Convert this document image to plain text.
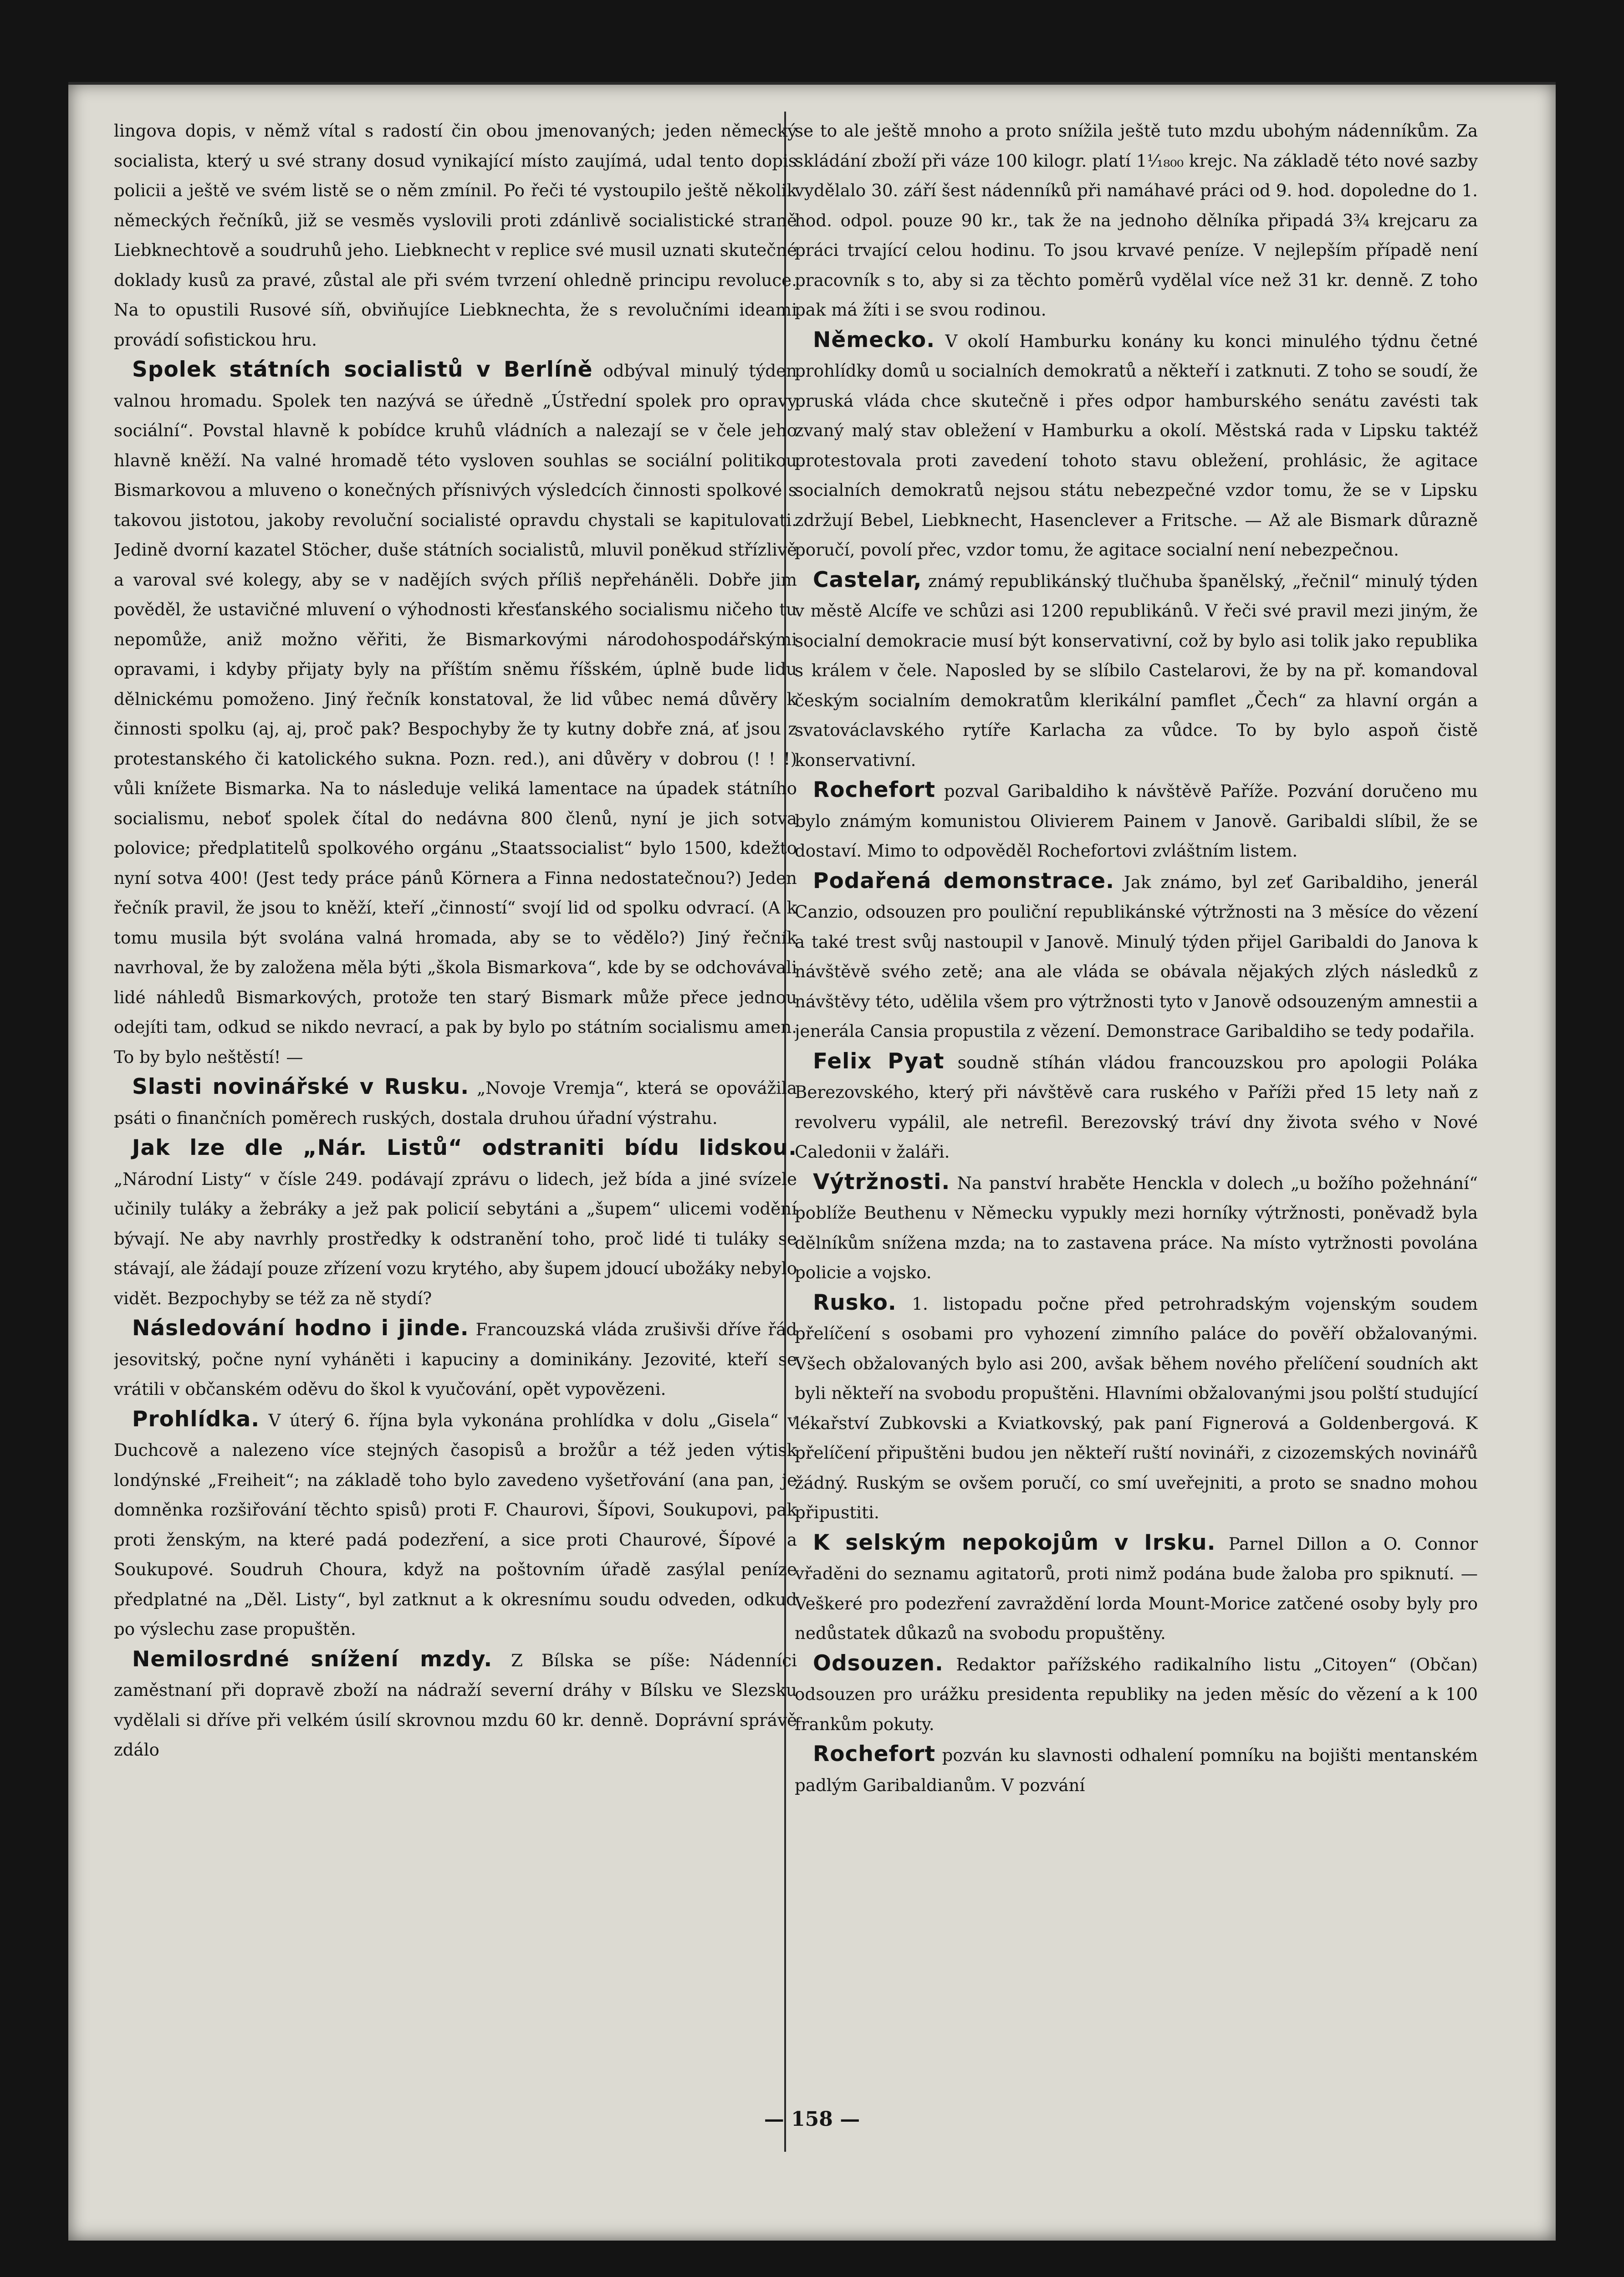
lingova dopis, v němž vítal s radostí čin obou jmenovaných; jeden německý socialista, který u své strany dosud vynikající místo zaujímá, udal tento dopis policii a ještě ve svém listě se o něm zmínil. Po řeči té vystoupilo ještě několik německých řečníků, již se vesměs vyslovili proti zdánlivě socialistické straně Liebknechtově a soudruhů jeho. Liebknecht v replice své musil uznati skutečné doklady kusů za pravé, zůstal ale při svém tvrzení ohledně principu revoluce. Na to opustili Rusové síň, obviňujíce Liebknechta, že s revolučními ideami provádí sofistickou hru.

Spolek státních socialistů v Berlíně odbýval minulý týden valnou hromadu. Spolek ten nazývá se úředně „Ústřední spolek pro opravy sociální“. Povstal hlavně k pobídce kruhů vládních a nalezají se v čele jeho hlavně kněží. Na valné hromadě této vysloven souhlas se sociální politikou Bismarkovou a mluveno o konečných přísnivých výsledcích činnosti spolkové s takovou jistotou, jakoby revoluční socialisté opravdu chystali se kapitulovati. Jedině dvorní kazatel Stöcher, duše státních socialistů, mluvil poněkud střízlivě a varoval své kolegy, aby se v nadějích svých příliš nepřeháněli. Dobře jim pověděl, že ustavičné mluvení o výhodnosti křesťanského socialismu ničeho tu nepomůže, aniž možno věřiti, že Bismarkovými národohospodářskými opravami, i kdyby přijaty byly na příštím sněmu říšském, úplně bude lidu dělnickému pomoženo. Jiný řečník konstatoval, že lid vůbec nemá důvěry k činnosti spolku (aj, aj, proč pak? Bespochyby že ty kutny dobře zná, ať jsou z protestanského či katolického sukna. Pozn. red.), ani důvěry v dobrou (! ! !) vůli knížete Bismarka. Na to následuje veliká lamentace na úpadek státního socialismu, neboť spolek čítal do nedávna 800 členů, nyní je jich sotva polovice; předplatitelů spolkového orgánu „Staatssocialist“ bylo 1500, kdežto nyní sotva 400! (Jest tedy práce pánů Körnera a Finna nedostatečnou?) Jeden řečník pravil, že jsou to kněží, kteří „činností“ svojí lid od spolku odvrací. (A k tomu musila být svolána valná hromada, aby se to vědělo?) Jiný řečník navrhoval, že by založena měla býti „škola Bismarkova“, kde by se odchovávali lidé náhledů Bismarkových, protože ten starý Bismark může přece jednou odejíti tam, odkud se nikdo nevrací, a pak by bylo po státním socialismu amen. To by bylo neštěstí! —

Slasti novinářské v Rusku. „Novoje Vremja“, která se opovážila psáti o finančních poměrech ruských, dostala druhou úřadní výstrahu.

Jak lze dle „Nár. Listů“ odstraniti bídu lidskou. „Národní Listy“ v čísle 249. podávají zprávu o lidech, jež bída a jiné svízele učinily tuláky a žebráky a jež pak policií sebytáni a „šupem“ ulicemi vodění bývají. Ne aby navrhly prostředky k odstranění toho, proč lidé ti tuláky se stávají, ale žádají pouze zřízení vozu krytého, aby šupem jdoucí ubožáky nebylo vidět. Bezpochyby se též za ně stydí?

Následování hodno i jinde. Francouzská vláda zrušivši dříve řád jesovitský, počne nyní vyháněti i kapuciny a dominikány. Jezovité, kteří se vrátili v občanském oděvu do škol k vyučování, opět vypovězeni.

Prohlídka. V úterý 6. října byla vykonána prohlídka v dolu „Gisela“ v Duchcově a nalezeno více stejných časopisů a brožůr a též jeden výtisk londýnské „Freiheit“; na základě toho bylo zavedeno vyšetřování (ana pan, je domněnka rozšiřování těchto spisů) proti F. Chaurovi, Šípovi, Soukupovi, pak proti ženským, na které padá podezření, a sice proti Chaurové, Šípové a Soukupové. Soudruh Choura, když na poštovním úřadě zasýlal peníze předplatné na „Děl. Listy“, byl zatknut a k okresnímu soudu odveden, odkud po výslechu zase propuštěn.

Nemilosrdné snížení mzdy. Z Bílska se píše: Nádenníci zaměstnaní při dopravě zboží na nádraží severní dráhy v Bílsku ve Slezsku vydělali si dříve při velkém úsilí skrovnou mzdu 60 kr. denně. Doprávní správě zdálo

se to ale ještě mnoho a proto snížila ještě tuto mzdu ubohým nádenníkům. Za skládání zboží při váze 100 kilogr. platí 1⅟₁₈₀₀ krejc. Na základě této nové sazby vydělalo 30. září šest nádenníků při namáhavé práci od 9. hod. dopoledne do 1. hod. odpol. pouze 90 kr., tak že na jednoho dělníka připadá 3¾ krejcaru za práci trvající celou hodinu. To jsou krvavé peníze. V nejlepším případě není pracovník s to, aby si za těchto poměrů vydělal více než 31 kr. denně. Z toho pak má žíti i se svou rodinou.

Německo. V okolí Hamburku konány ku konci minulého týdnu četné prohlídky domů u socialních demokratů a někteří i zatknuti. Z toho se soudí, že pruská vláda chce skutečně i přes odpor hamburského senátu zavésti tak zvaný malý stav obležení v Hamburku a okolí. Městská rada v Lipsku taktéž protestovala proti zavedení tohoto stavu obležení, prohlásic, že agitace socialních demokratů nejsou státu nebezpečné vzdor tomu, že se v Lipsku zdržují Bebel, Liebknecht, Hasenclever a Fritsche. — Až ale Bismark důrazně poručí, povolí přec, vzdor tomu, že agitace socialní není nebezpečnou.

Castelar, známý republikánský tlučhuba španělský, „řečnil“ minulý týden v městě Alcífe ve schůzi asi 1200 republikánů. V řeči své pravil mezi jiným, že socialní demokracie musí být konservativní, což by bylo asi tolik jako republika s králem v čele. Naposled by se slíbilo Castelarovi, že by na př. komandoval českým socialním demokratům klerikální pamflet „Čech“ za hlavní orgán a svatováclavského rytíře Karlacha za vůdce. To by bylo aspoň čistě konservativní.

Rochefort pozval Garibaldiho k návštěvě Paříže. Pozvání doručeno mu bylo známým komunistou Olivierem Painem v Janově. Garibaldi slíbil, že se dostaví. Mimo to odpověděl Rochefortovi zvláštním listem.

Podařená demonstrace. Jak známo, byl zeť Garibaldiho, jenerál Canzio, odsouzen pro pouliční republikánské výtržnosti na 3 měsíce do vězení a také trest svůj nastoupil v Janově. Minulý týden přijel Garibaldi do Janova k návštěvě svého zetě; ana ale vláda se obávala nějakých zlých následků z návštěvy této, udělila všem pro výtržnosti tyto v Janově odsouzeným amnestii a jenerála Cansia propustila z vězení. Demonstrace Garibaldiho se tedy podařila.

Felix Pyat soudně stíhán vládou francouzskou pro apologii Poláka Berezovského, který při návštěvě cara ruského v Paříži před 15 lety naň z revolveru vypálil, ale netrefil. Berezovský tráví dny života svého v Nové Caledonii v žaláři.

Výtržnosti. Na panství hraběte Henckla v dolech „u božího požehnání“ poblíže Beuthenu v Německu vypukly mezi horníky výtržnosti, poněvadž byla dělníkům snížena mzda; na to zastavena práce. Na místo vytržnosti povolána policie a vojsko.

Rusko. 1. listopadu počne před petrohradským vojenským soudem přelíčení s osobami pro vyhození zimního paláce do pověří obžalovanými. Všech obžalovaných bylo asi 200, avšak během nového přelíčení soudních akt byli někteří na svobodu propuštěni. Hlavními obžalovanými jsou polští studující lékařství Zubkovski a Kviatkovský, pak paní Fignerová a Goldenbergová. K přelíčení připuštěni budou jen někteří ruští novináři, z cizozemských novinářů žádný. Ruským se ovšem poručí, co smí uveřejniti, a proto se snadno mohou připustiti.

K selským nepokojům v Irsku. Parnel Dillon a O. Connor vřaděni do seznamu agitatorů, proti nimž podána bude žaloba pro spiknutí. — Veškeré pro podezření zavraždění lorda Mount-Morice zatčené osoby byly pro nedůstatek důkazů na svobodu propuštěny.

Odsouzen. Redaktor pařížského radikalního listu „Citoyen“ (Občan) odsouzen pro urážku presidenta republiky na jeden měsíc do vězení a k 100 frankům pokuty.

Rochefort pozván ku slavnosti odhalení pomníku na bojišti mentanském padlým Garibaldianům. V pozvání

— 158 —
